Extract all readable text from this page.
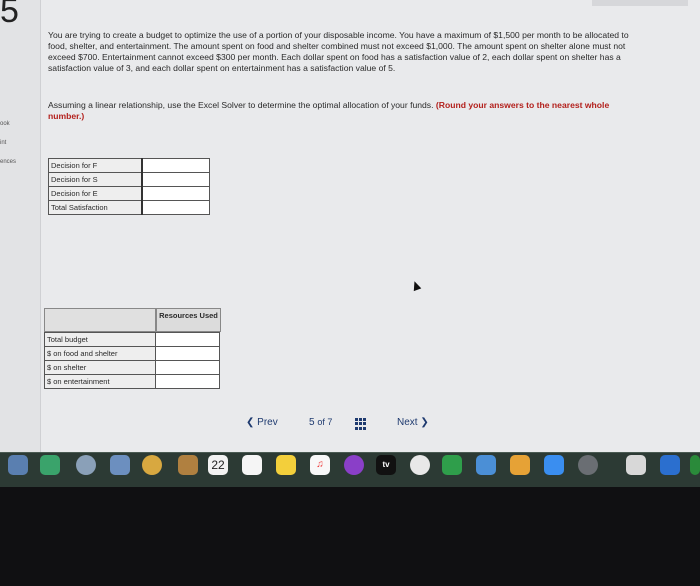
5
ook
int
ences
You are trying to create a budget to optimize the use of a portion of your disposable income. You have a maximum of $1,500 per month to be allocated to food, shelter, and entertainment. The amount spent on food and shelter combined must not exceed $1,000. The amount spent on shelter alone must not exceed $700. Entertainment cannot exceed $300 per month. Each dollar spent on food has a satisfaction value of 2, each dollar spent on shelter has a satisfaction value of 3, and each dollar spent on entertainment has a satisfaction value of 5.
Assuming a linear relationship, use the Excel Solver to determine the optimal allocation of your funds. (Round your answers to the nearest whole number.)
Decision for F	
Decision for S	
Decision for E	
Total Satisfaction	
Resources Used
Total budget	
$ on food and shelter	
$ on shelter	
$ on entertainment	
❮ Prev	5 of 7	Next ❯
22	♫	tv
